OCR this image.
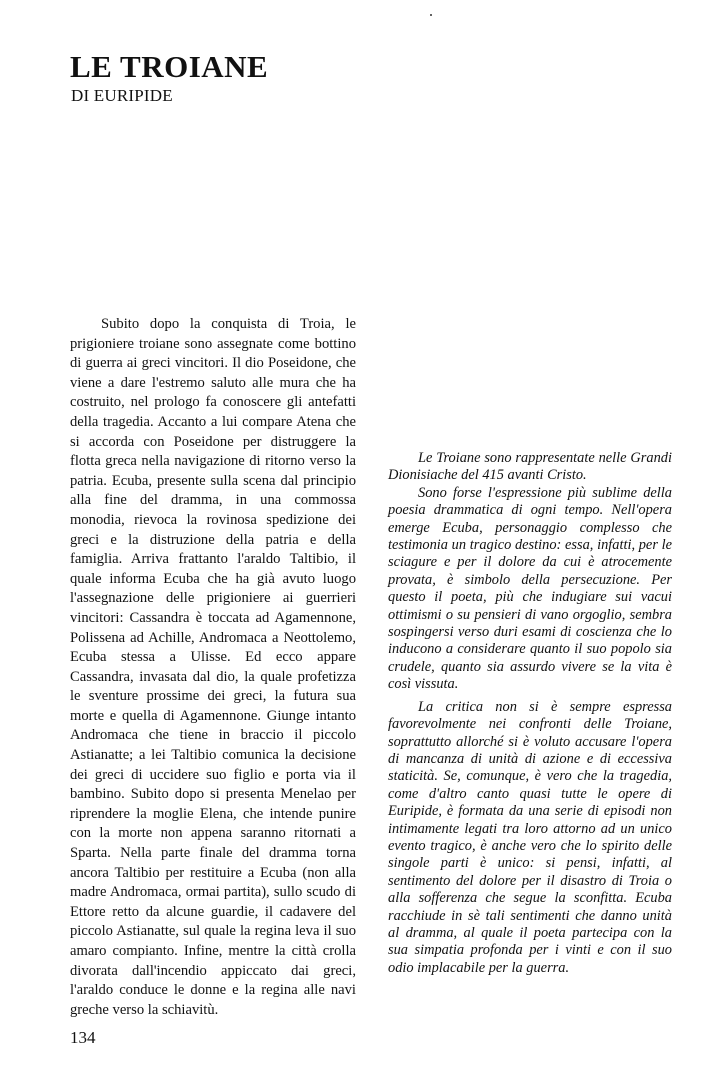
LE TROIANE
DI EURIPIDE

Subito dopo la conquista di Troia, le prigioniere troiane sono assegnate come bottino di guerra ai greci vincitori. Il dio Poseidone, che viene a dare l'estremo saluto alle mura che ha costruito, nel prologo fa conoscere gli antefatti della tragedia. Accanto a lui compare Atena che si accorda con Poseidone per distruggere la flotta greca nella navigazione di ritorno verso la patria. Ecuba, presente sulla scena dal principio alla fine del dramma, in una commossa monodia, rievoca la rovinosa spedizione dei greci e la distruzione della patria e della famiglia. Arriva frattanto l'araldo Taltibio, il quale informa Ecuba che ha già avuto luogo l'assegnazione delle prigioniere ai guerrieri vincitori: Cassandra è toccata ad Agamennone, Polissena ad Achille, Andromaca a Neottolemo, Ecuba stessa a Ulisse. Ed ecco appare Cassandra, invasata dal dio, la quale profetizza le sventure prossime dei greci, la futura sua morte e quella di Agamennone. Giunge intanto Andromaca che tiene in braccio il piccolo Astianatte; a lei Taltibio comunica la decisione dei greci di uccidere suo figlio e porta via il bambino. Subito dopo si presenta Menelao per riprendere la moglie Elena, che intende punire con la morte non appena saranno ritornati a Sparta. Nella parte finale del dramma torna ancora Taltibio per restituire a Ecuba (non alla madre Andromaca, ormai partita), sullo scudo di Ettore retto da alcune guardie, il cadavere del piccolo Astianatte, sul quale la regina leva il suo amaro compianto. Infine, mentre la città crolla divorata dall'incendio appiccato dai greci, l'araldo conduce le donne e la regina alle navi greche verso la schiavitù.

Le Troiane sono rappresentate nelle Grandi Dionisiache del 415 avanti Cristo.

Sono forse l'espressione più sublime della poesia drammatica di ogni tempo. Nell'opera emerge Ecuba, personaggio complesso che testimonia un tragico destino: essa, infatti, per le sciagure e per il dolore da cui è atrocemente provata, è simbolo della persecuzione. Per questo il poeta, più che indugiare sui vacui ottimismi o su pensieri di vano orgoglio, sembra sospingersi verso duri esami di coscienza che lo inducono a considerare quanto il suo popolo sia crudele, quanto sia assurdo vivere se la vita è così vissuta.

La critica non si è sempre espressa favorevolmente nei confronti delle Troiane, soprattutto allorché si è voluto accusare l'opera di mancanza di unità di azione e di eccessiva staticità. Se, comunque, è vero che la tragedia, come d'altro canto quasi tutte le opere di Euripide, è formata da una serie di episodi non intimamente legati tra loro attorno ad un unico evento tragico, è anche vero che lo spirito delle singole parti è unico: si pensi, infatti, al sentimento del dolore per il disastro di Troia o alla sofferenza che segue la sconfitta. Ecuba racchiude in sè tali sentimenti che danno unità al dramma, al quale il poeta partecipa con la sua simpatia profonda per i vinti e con il suo odio implacabile per la guerra.

134
